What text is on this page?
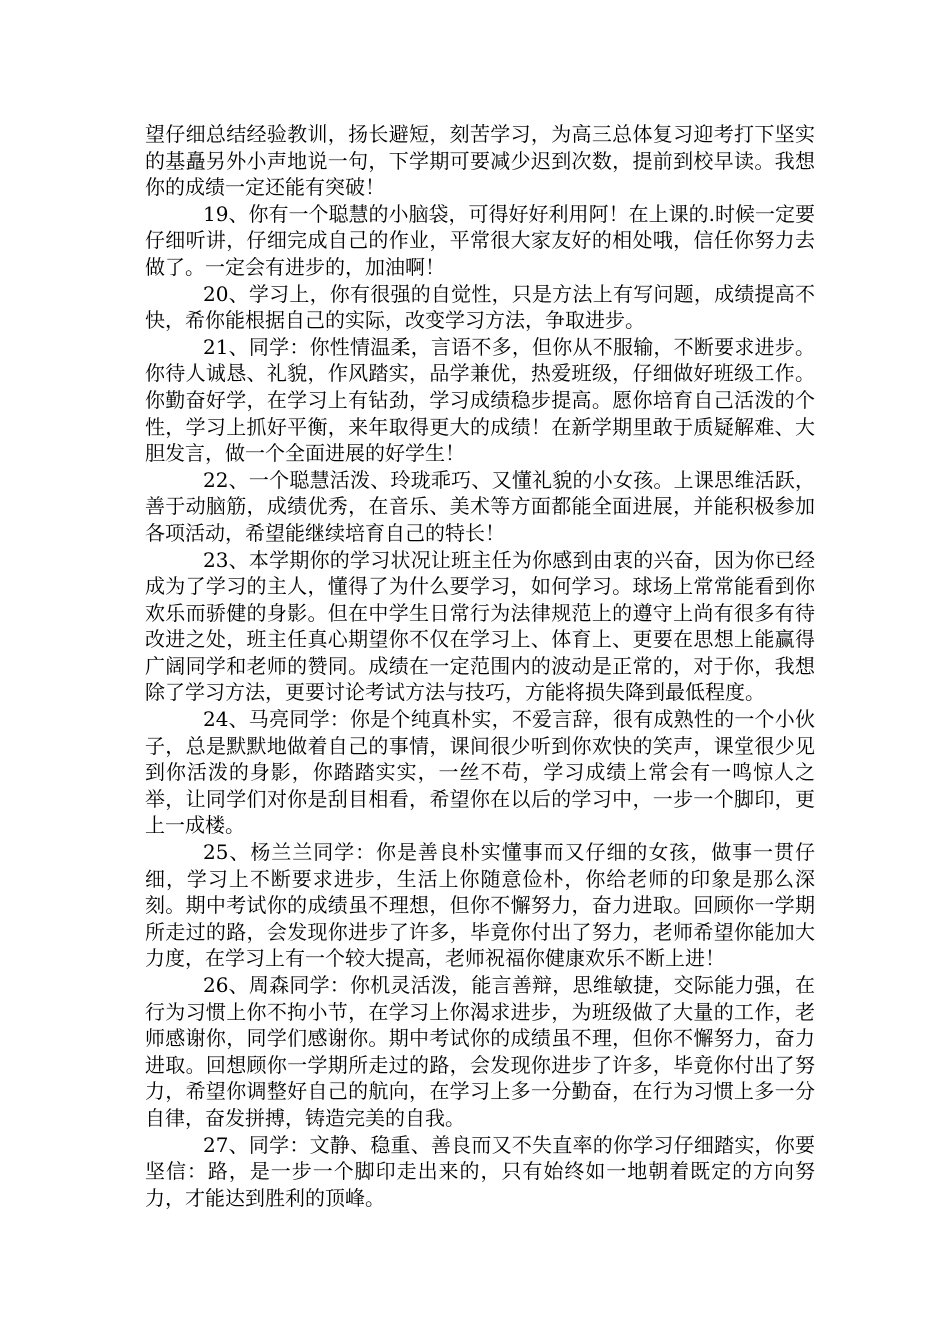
望仔细总结经验教训，扬长避短，刻苦学习，为高三总体复习迎考打下坚实的基矗另外小声地说一句，下学期可要减少迟到次数，提前到校早读。我想你的成绩一定还能有突破！

19、你有一个聪慧的小脑袋，可得好好利用阿！在上课的.时候一定要仔细听讲，仔细完成自己的作业，平常很大家友好的相处哦，信任你努力去做了。一定会有进步的，加油啊！

20、学习上，你有很强的自觉性，只是方法上有写问题，成绩提高不快，希你能根据自己的实际，改变学习方法，争取进步。

21、同学：你性情温柔，言语不多，但你从不服输，不断要求进步。你待人诚恳、礼貌，作风踏实，品学兼优，热爱班级，仔细做好班级工作。你勤奋好学，在学习上有钻劲，学习成绩稳步提高。愿你培育自己活泼的个性，学习上抓好平衡，来年取得更大的成绩！在新学期里敢于质疑解难、大胆发言，做一个全面进展的好学生！

22、一个聪慧活泼、玲珑乖巧、又懂礼貌的小女孩。上课思维活跃，善于动脑筋，成绩优秀，在音乐、美术等方面都能全面进展，并能积极参加各项活动，希望能继续培育自己的特长！

23、本学期你的学习状况让班主任为你感到由衷的兴奋，因为你已经成为了学习的主人，懂得了为什么要学习，如何学习。球场上常常能看到你欢乐而骄健的身影。但在中学生日常行为法律规范上的遵守上尚有很多有待改进之处，班主任真心期望你不仅在学习上、体育上、更要在思想上能赢得广阔同学和老师的赞同。成绩在一定范围内的波动是正常的，对于你，我想除了学习方法，更要讨论考试方法与技巧，方能将损失降到最低程度。

24、马亮同学：你是个纯真朴实，不爱言辞，很有成熟性的一个小伙子，总是默默地做着自己的事情，课间很少听到你欢快的笑声，课堂很少见到你活泼的身影，你踏踏实实，一丝不苟，学习成绩上常会有一鸣惊人之举，让同学们对你是刮目相看，希望你在以后的学习中，一步一个脚印，更上一成楼。

25、杨兰兰同学：你是善良朴实懂事而又仔细的女孩，做事一贯仔细，学习上不断要求进步，生活上你随意俭朴，你给老师的印象是那么深刻。期中考试你的成绩虽不理想，但你不懈努力，奋力进取。回顾你一学期所走过的路，会发现你进步了许多，毕竟你付出了努力，老师希望你能加大力度，在学习上有一个较大提高，老师祝福你健康欢乐不断上进！

26、周森同学：你机灵活泼，能言善辩，思维敏捷，交际能力强，在行为习惯上你不拘小节，在学习上你渴求进步，为班级做了大量的工作，老师感谢你，同学们感谢你。期中考试你的成绩虽不理，但你不懈努力，奋力进取。回想顾你一学期所走过的路，会发现你进步了许多，毕竟你付出了努力，希望你调整好自己的航向，在学习上多一分勤奋，在行为习惯上多一分自律，奋发拼搏，铸造完美的自我。

27、同学：文静、稳重、善良而又不失直率的你学习仔细踏实，你要坚信：路，是一步一个脚印走出来的，只有始终如一地朝着既定的方向努力，才能达到胜利的顶峰。
